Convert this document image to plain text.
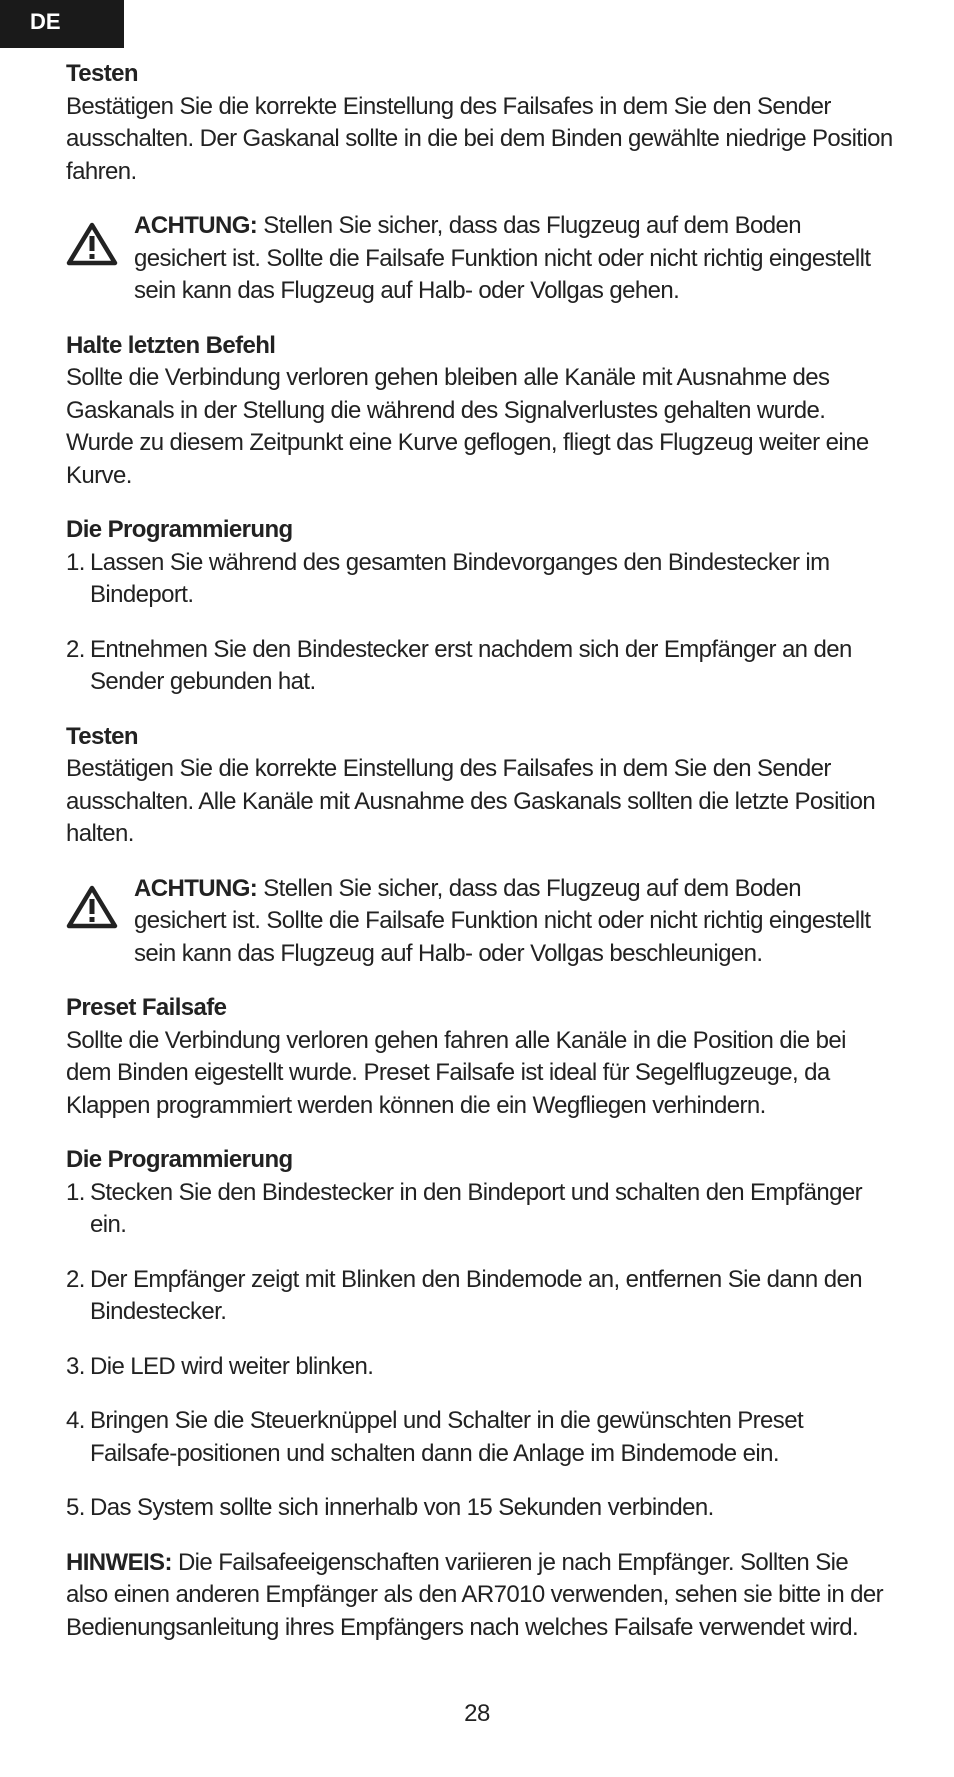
DE

Testen

Bestätigen Sie die korrekte Einstellung des Failsafes in dem Sie den Sender ausschalten. Der Gaskanal sollte in die bei dem Binden gewählte niedrige Position fahren.

ACHTUNG: Stellen Sie sicher, dass das Flugzeug auf dem Boden gesichert ist. Sollte die Failsafe Funktion nicht oder nicht richtig eingestellt sein kann das Flugzeug auf Halb- oder Vollgas gehen.

Halte letzten Befehl

Sollte die Verbindung verloren gehen bleiben alle Kanäle mit Ausnahme des Gaskanals in der Stellung die während des Signalverlustes gehalten wurde. Wurde zu diesem Zeitpunkt eine Kurve geflogen, fliegt das Flugzeug weiter eine Kurve.

Die Programmierung

1. Lassen Sie während des gesamten Bindevorganges den Bindestecker im Bindeport.
2. Entnehmen Sie den Bindestecker erst nachdem sich der Empfänger an den Sender gebunden hat.

Testen

Bestätigen Sie die korrekte Einstellung des Failsafes in dem Sie den Sender ausschalten. Alle Kanäle mit Ausnahme des Gaskanals sollten die letzte Position halten.

ACHTUNG: Stellen Sie sicher, dass das Flugzeug auf dem Boden gesichert ist. Sollte die Failsafe Funktion nicht oder nicht richtig eingestellt sein kann das Flugzeug auf Halb- oder Vollgas beschleunigen.

Preset Failsafe

Sollte die Verbindung verloren gehen fahren alle Kanäle in die Position die bei dem Binden eigestellt wurde. Preset Failsafe ist ideal für Segelflugzeuge, da Klappen programmiert werden können die ein Wegfliegen verhindern.

Die Programmierung

1. Stecken Sie den Bindestecker in den Bindeport und schalten den Empfänger ein.
2. Der Empfänger zeigt mit Blinken den Bindemode an, entfernen Sie dann den Bindestecker.
3. Die LED wird weiter blinken.
4. Bringen Sie die Steuerknüppel und Schalter in die gewünschten Preset Failsafe-positionen und schalten dann die Anlage im Bindemode ein.
5. Das System sollte sich innerhalb von 15 Sekunden verbinden.

HINWEIS: Die Failsafeeigenschaften variieren je nach Empfänger. Sollten Sie also einen anderen Empfänger als den AR7010 verwenden, sehen sie bitte in der Bedienungsanleitung ihres Empfängers nach welches Failsafe verwendet wird.

28
